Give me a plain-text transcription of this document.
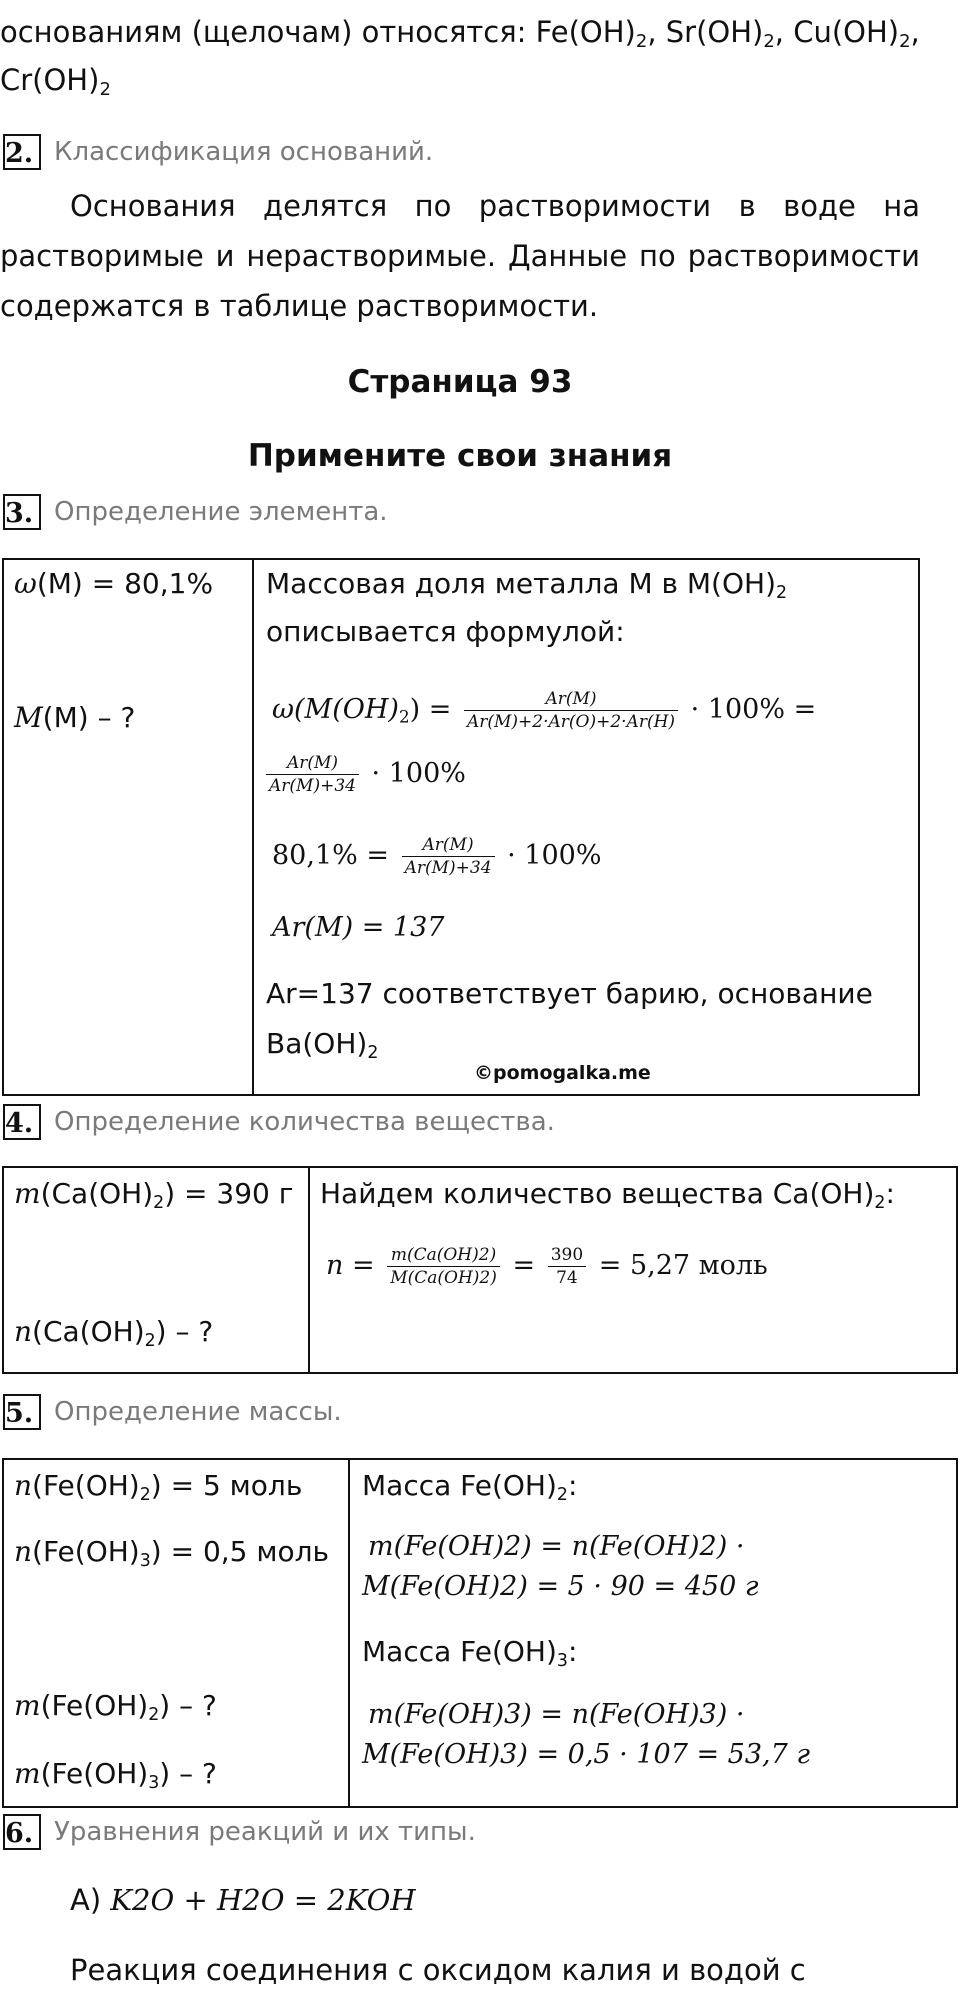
основаниям (щелочам) относятся: $Fe(OH)_2$, $Sr(OH)_2$, $Cu(OH)_2$,
$Cr(OH)_2$
2. Классификация оснований.
Основания делятся по растворимости в воде на
растворимые и нерастворимые. Данные по растворимости
содержатся в таблице растворимости.
Страница 93
Примените свои знания
3. Определение элемента.
ω(M) = 80,1%
M(M) – ?
Массовая доля металла M в $M(OH)_2$
описывается формулой:
$\omega(M(OH)_2) = \frac{Ar(M)}{Ar(M)+2\cdot Ar(O)+2\cdot Ar(H)} \cdot 100\%$ =
$\frac{Ar(M)}{Ar(M)+34} \cdot 100\%$
$80,1\% = \frac{Ar(M)}{Ar(M)+34} \cdot 100\%$
Ar(M) = 137
Ar=137 соответствует барию, основание
$Ba(OH)_2$
©pomogalka.me
4. Определение количества вещества.
$m(Ca(OH)_2) = 390$ г
$n(Ca(OH)_2)$ – ?
Найдем количество вещества $Ca(OH)_2$:
$n = \frac{m(Ca(OH)2)}{M(Ca(OH)2)} = \frac{390}{74} = 5,27$ моль
5. Определение массы.
$n(Fe(OH)_2) = 5$ моль
$n(Fe(OH)_3) = 0,5$ моль
$m(Fe(OH)_2)$ – ?
$m(Fe(OH)_3)$ – ?
Масса $Fe(OH)_2$:
m(Fe(OH)2) = n(Fe(OH)2) ·
M(Fe(OH)2) = 5 · 90 = 450 г
Масса $Fe(OH)_3$:
m(Fe(OH)3) = n(Fe(OH)3) ·
M(Fe(OH)3) = 0,5 · 107 = 53,7 г
6. Уравнения реакций и их типы.
А) K2O + H2O = 2KOH
Реакция соединения с оксидом калия и водой с
